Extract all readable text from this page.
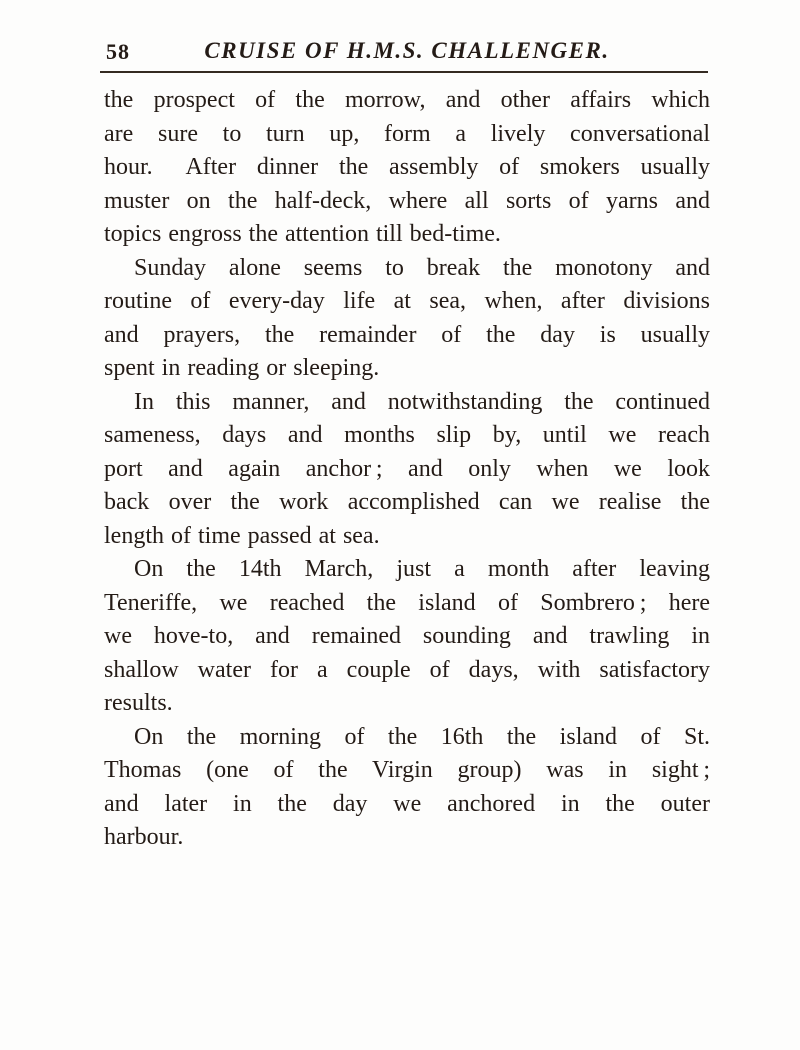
58	CRUISE OF H.M.S. CHALLENGER.
the prospect of the morrow, and other affairs which
are sure to turn up, form a lively conversational
hour.  After dinner the assembly of smokers usually
muster on the half-deck, where all sorts of yarns and
topics engross the attention till bed-time.
Sunday alone seems to break the monotony and
routine of every-day life at sea, when, after divisions
and prayers, the remainder of the day is usually
spent in reading or sleeping.
In this manner, and notwithstanding the continued
sameness, days and months slip by, until we reach
port and again anchor ; and only when we look
back over the work accomplished can we realise the
length of time passed at sea.
On the 14th March, just a month after leaving
Teneriffe, we reached the island of Sombrero ; here
we hove-to, and remained sounding and trawling in
shallow water for a couple of days, with satisfactory
results.
On the morning of the 16th the island of St.
Thomas (one of the Virgin group) was in sight ;
and later in the day we anchored in the outer
harbour.
